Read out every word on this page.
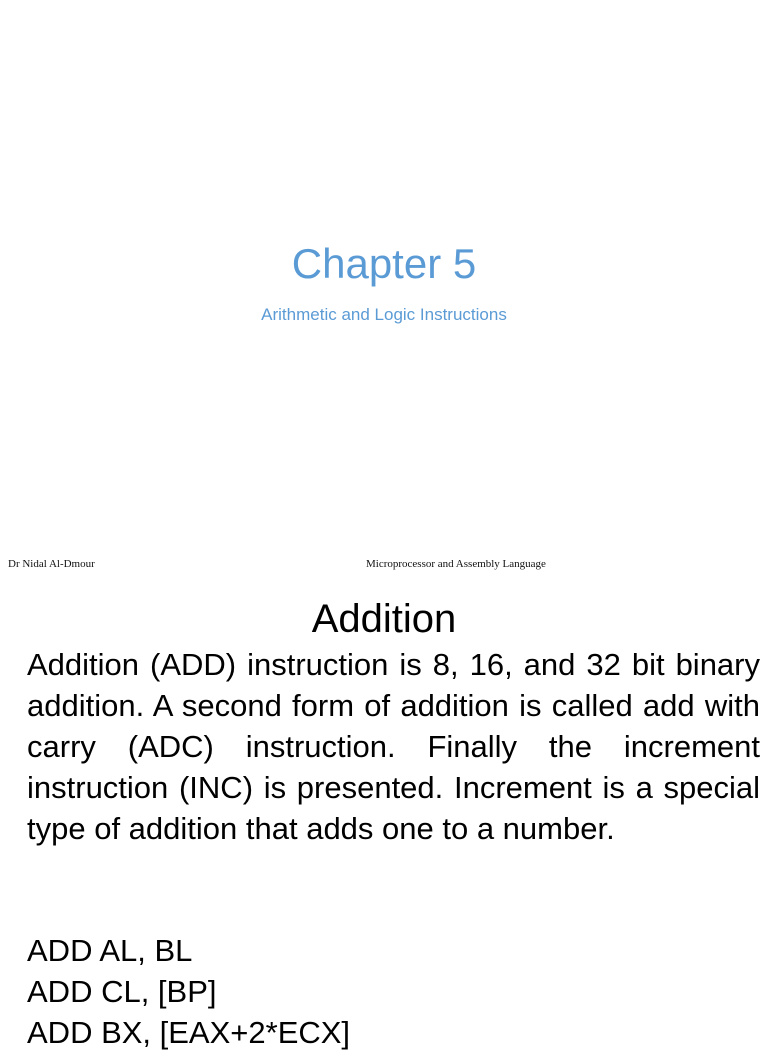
Chapter 5
Arithmetic and Logic Instructions
Dr Nidal Al-Dmour	Microprocessor and Assembly Language
Addition

Addition (ADD) instruction is 8, 16, and 32 bit binary addition. A second form of addition is called add with carry (ADC) instruction. Finally the increment instruction (INC) is presented. Increment is a special type of addition that adds one to a number.

ADD AL, BL
ADD CL, [BP]
ADD BX, [EAX+2*ECX]
